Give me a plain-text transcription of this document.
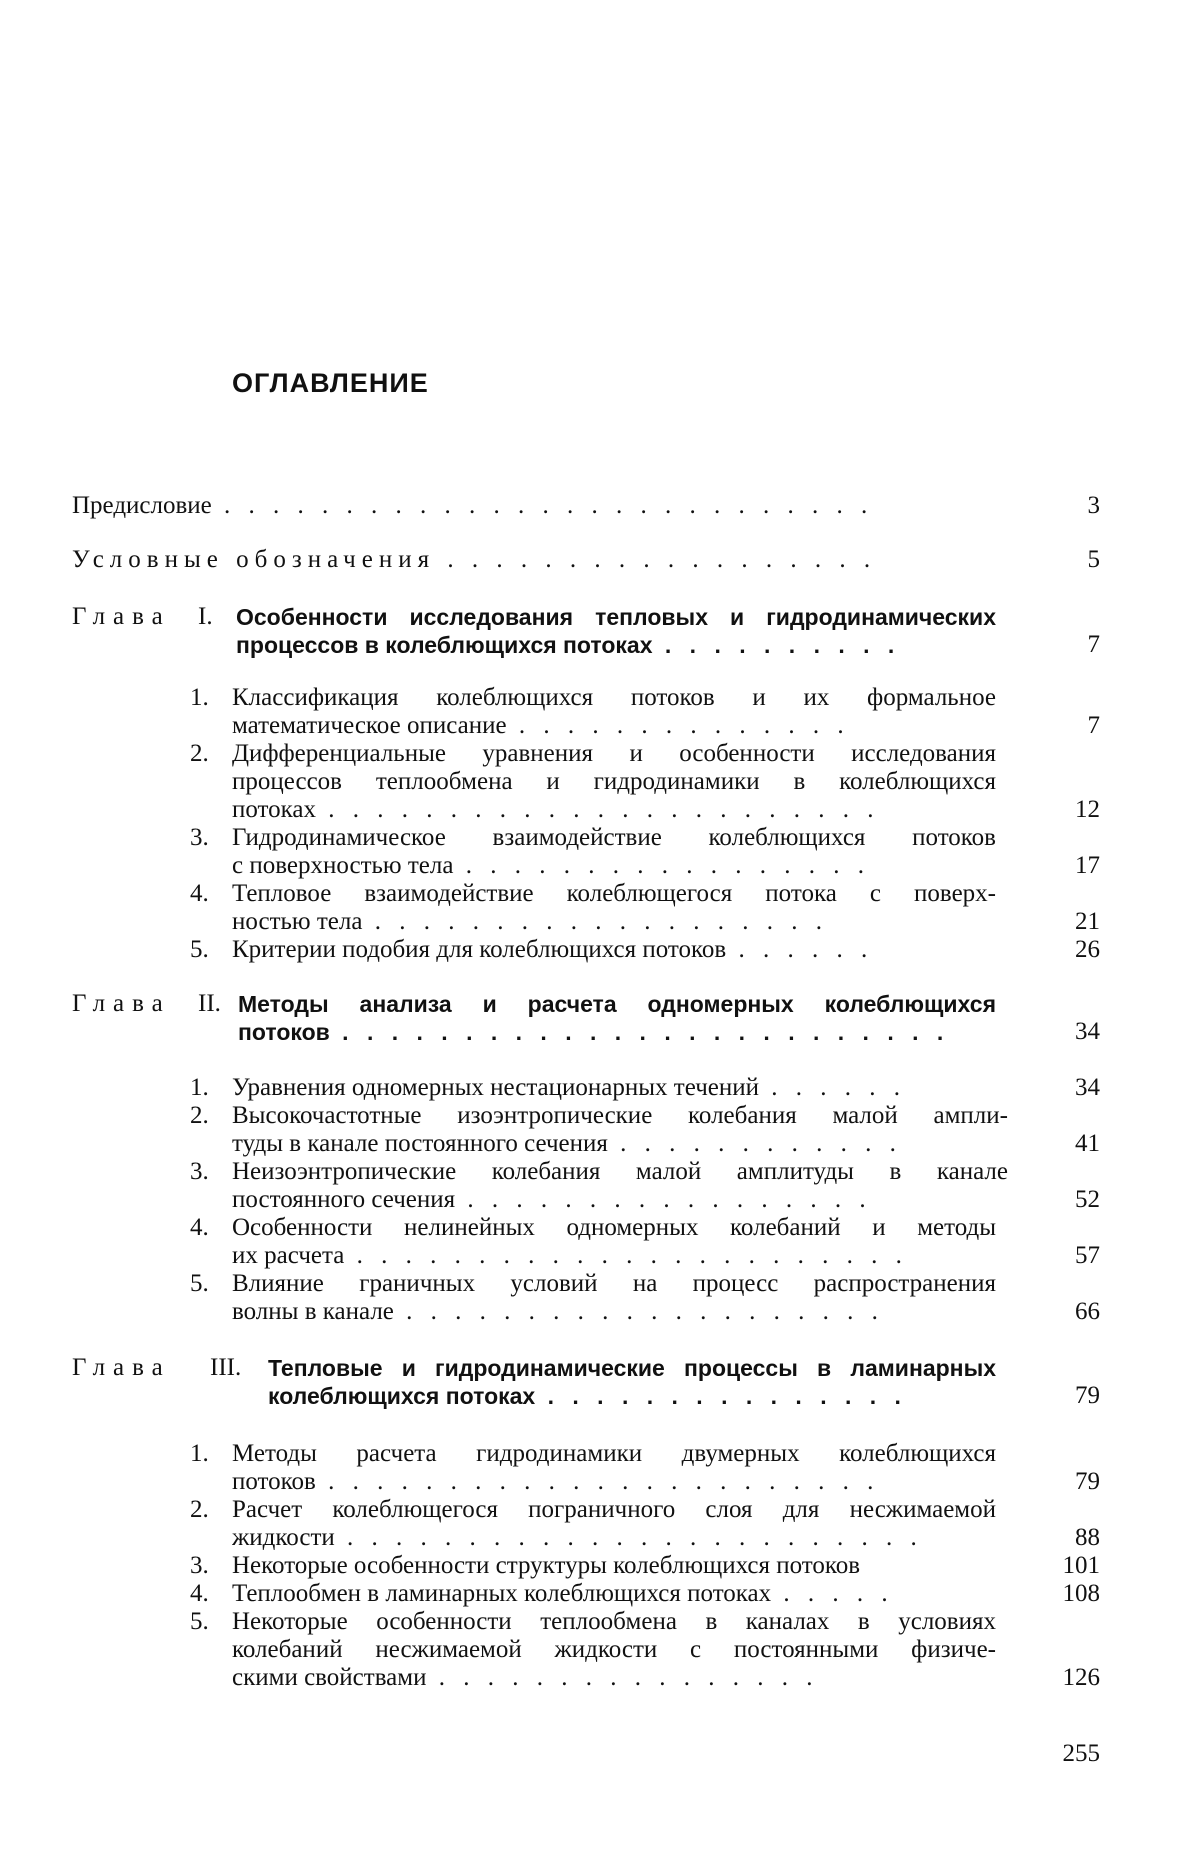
ОГЛАВЛЕНИЕ
Предисловие . . . . . . . . . . . . . . . . . . . . . . . . . . .	3
Условные обозначения . . . . . . . . . . . . . . . . . .	5
Глава I. Особенности исследования тепловых и гидродинамических
процессов в колеблющихся потоках . . . . . . . . . .	7
1. Классификация колеблющихся потоков и их формальное
математическое описание . . . . . . . . . . . . . .	7
2. Дифференциальные уравнения и особенности исследования
процессов теплообмена и гидродинамики в колеблющихся
потоках . . . . . . . . . . . . . . . . . . . . . . .	12
3. Гидродинамическое взаимодействие колеблющихся потоков
с поверхностью тела . . . . . . . . . . . . . . . . .	17
4. Тепловое взаимодействие колеблющегося потока с поверх-
ностью тела . . . . . . . . . . . . . . . . . . .	21
5. Критерии подобия для колеблющихся потоков . . . . . .	26
Глава II. Методы анализа и расчета одномерных колеблющихся
потоков . . . . . . . . . . . . . . . . . . . . . . . . .	34
1. Уравнения одномерных нестационарных течений . . . . . .	34
2. Высокочастотные изоэнтропические колебания малой ампли-
туды в канале постоянного сечения . . . . . . . . . . . .	41
3. Неизоэнтропические колебания малой амплитуды в канале
постоянного сечения . . . . . . . . . . . . . . . . .	52
4. Особенности нелинейных одномерных колебаний и методы
их расчета . . . . . . . . . . . . . . . . . . . . . . .	57
5. Влияние граничных условий на процесс распространения
волны в канале . . . . . . . . . . . . . . . . . . . .	66
Глава III. Тепловые и гидродинамические процессы в ламинарных
колеблющихся потоках . . . . . . . . . . . . . . .	79
1. Методы расчета гидродинамики двумерных колеблющихся
потоков . . . . . . . . . . . . . . . . . . . . . . .	79
2. Расчет колеблющегося пограничного слоя для несжимаемой
жидкости . . . . . . . . . . . . . . . . . . . . . . . .	88
3. Некоторые особенности структуры колеблющихся потоков	101
4. Теплообмен в ламинарных колеблющихся потоках . . . . .	108
5. Некоторые особенности теплообмена в каналах в условиях
колебаний несжимаемой жидкости с постоянными физиче-
скими свойствами . . . . . . . . . . . . . . . .	126
255
